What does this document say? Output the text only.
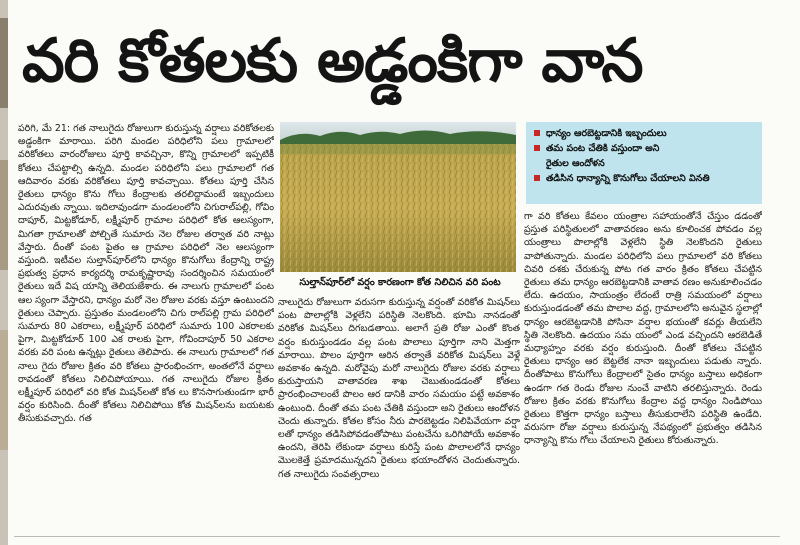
వరి కోతలకు అడ్డంకిగా వాన
పరిగి, మే 21: గత నాలుగైదు రోజులుగా కురుస్తున్న వర్షాలు వరికోతలకు అడ్డంకిగా మారాయి. పరిగి మండల పరిధిలోని పలు గ్రామాలలో వరికోతలు వారంరోజులు పూర్తి కావచ్చినా, కొన్ని గ్రామాలలో ఇప్పటికీ కోతలు చేపట్టాల్సి ఉన్నది. మండల పరిధిలోని పలు గ్రామాలలో గత ఆదివారం వరకు వరికోతలు పూర్తి కావచ్చాయి. కోతలు పూర్తి చేసిన రైతులు ధాన్యం కొను గోలు కేంద్రాలకు తరలిద్దామంటే ఇబ్బందులు ఎదురవుతు న్నాయి. ఇదిలావుండగా మండలంలోని చిగురాల్‌పల్లి, గోవిం దాపూర్, మిట్టకోడూర్, లక్ష్మీపూర్ గ్రామాల పరిధిలో కోత ఆలస్యంగా, మిగతా గ్రామాలతో పోల్చితే సుమారు నెల రోజుల తర్వాత వరి నాట్లు వేస్తారు. దీంతో పంట పైతం ఆ గ్రామాల పరిధిలో నెల ఆలస్యంగా వస్తుంది. ఇటీవల సుల్తాన్‌పూర్‌లోని ధాన్యం కొనుగోలు కేంద్రాన్ని రాష్ట్ర ప్రభుత్వ ప్రధాన కార్యదర్శి రామకృష్ణారావు సందర్శించిన సమయంలో రైతులు ఇదే విష యాన్ని తెలియజేశారు. ఈ నాలుగు గ్రామాలలో పంట ఆల స్యంగా వేస్తారని, ధాన్యం మరో నెల రోజుల వరకు వస్తూ ఉంటుందని రైతులు చెప్పారు. ప్రస్తుతం మండలంలోని చిగు రాల్‌పల్లి గ్రామ పరిధిలో సుమారు 80 ఎకరాలు, లక్ష్మీపూర్ పరిధిలో సుమారు 100 ఎకరాలకు పైగా, మిట్టకోడూర్ 100 ఎక రాలకు పైగా, గోవిందాపూర్ 50 ఎకరాల వరకు వరి పంట ఉన్నట్లు రైతులు తెలిపారు. ఈ నాలుగు గ్రామాలలో గత నాలు గైదు రోజుల క్రితం వరి కోతలు ప్రారంభించగా, అంతలోనే వర్షాలు రావడంతో కోతలు నిలిచిపోయాయి. గత నాలుగైదు రోజుల క్రితం లక్ష్మీపూర్ పరిధిలో వరి కోత మిషన్‌లతో కోత లు కొనసాగుతుండగా భారీ వర్షం కురిసింది. దీంతో కోతలు నిలిచిపోయి కోత మిషన్‌లను బయటకు తీసుకువచ్చారు. గత
సుల్తాన్‌పూర్‌లో వర్షం కారణంగా కోత నిలిచిన వరి పంట
ధాన్యం ఆరబెట్టడానికి ఇబ్బందులు
తమ పంట చేతికి వస్తుందా అని
రైతుల ఆందోళన
తడిసిన ధాన్యాన్ని కొనుగోలు చేయాలని వినతి
నాలుగైదు రోజులుగా వరుసగా కురుస్తున్న వర్షంతో వరికోత మిషన్‌లు పంట పొలాల్లోకి వెళ్లలేని పరిస్థితి నెలకొంది. భూమి నానడంతో వరికోత మిషన్‌లు దిగబడతాయి. అలాగే ప్రతి రోజు ఎంతో కొంత వర్షం కురుస్తుండడం వల్ల పంట పొలాలు పూర్తిగా నాని మెత్తగా మారాయి. పొలం పూర్తిగా ఆరిన తర్వాతే వరికోత మిషన్‌లు వెళ్లే అవకాశం ఉన్నది. మరోవైపు మరో నాలుగైదు రోజుల వరకు వర్షాలు కురుస్తాయని వాతావరణ శాఖ చెబుతుండడంతో కోతలు ప్రారంభించాలంటే పొలం ఆర డానికి వారం సమయం పట్టే అవకాశం ఉంటుంది. దీంతో తమ పంట చేతికి వస్తుందా అని రైతులు ఆందోళన చెందు తున్నారు. కోతల కోసం నీరు పారబెట్టడం నిలిపివేయగా వర్షా లతో ధాన్యం తడిసిపోవడంతోపాటు పంటచేను ఒరిగిపోయే అవకాశం ఉందని, తెరిపి లేకుండా వర్షాలు కురిస్తే పంట పొలాలలోనే ధాన్యం మొలకెత్తే ప్రమాదమున్నదని రైతులు భయాందోళన చెందుతున్నారు. గత నాలుగైదు సంవత్సరాలు
గా వరి కోతలు కేవలం యంత్రాల సహాయంతోనే చేస్తుం డడంతో ప్రస్తుత పరిస్థితులలో వాతావరణం అను కూలించక పోవడం వల్ల యంత్రాలు పొలాల్లోకి వెళ్లలేని స్థితి నెలకొందని రైతులు వాపోతున్నారు. మండల పరిధిలోని పలు గ్రామాలలో వరి కోతలు చివరి దశకు చేరుకున్న పోట గత వారం క్రితం కోతలు చేపట్టిన రైతులు తమ ధాన్యం ఆరబెట్టడానికి వాతావ రణం అనుకూలించడం లేదు. ఉదయం, సాయంత్రం లేదంటే రాత్రి సమయంలో వర్షాలు కురుస్తుండడంతో తమ పొలాల వద్ద, గ్రామాలలోని అనువైన స్థలాల్లో ధాన్యం ఆరబెట్టడానికి పోసినా వర్షాల భయంతో కవర్లు తీయలేని స్థితి నెలకొంది. ఉదయం సమ యంలో ఎండ వచ్చిందని ఆరబెడితే మధ్యాహ్నం వరకు వర్షం కురుస్తుంది. దీంతో కోతలు చేపట్టిన రైతులు ధాన్యం ఆర బెట్టలేక నానా ఇబ్బందులు పడుతు న్నారు. దీంతోపాటు కొనుగోలు కేంద్రాలలో సైతం ధాన్యం బస్తాలు అధికంగా ఉండగా గత రెండు రోజుల నుంచే వాటిని తరలిస్తున్నారు. రెండు రోజుల క్రితం వరకు కొనుగోలు కేంద్రాల వద్ద ధాన్యం నిండిపోయి రైతులు కొత్తగా ధాన్యం బస్తాలు తీసుకురాలేని పరిస్థితి ఉండేది. వరుసగా రోజు వర్షాలు కురుస్తున్న నేపథ్యంలో ప్రభుత్వం తడిసిన ధాన్యాన్ని కొను గోలు చేయాలని రైతులు కోరుతున్నారు.
